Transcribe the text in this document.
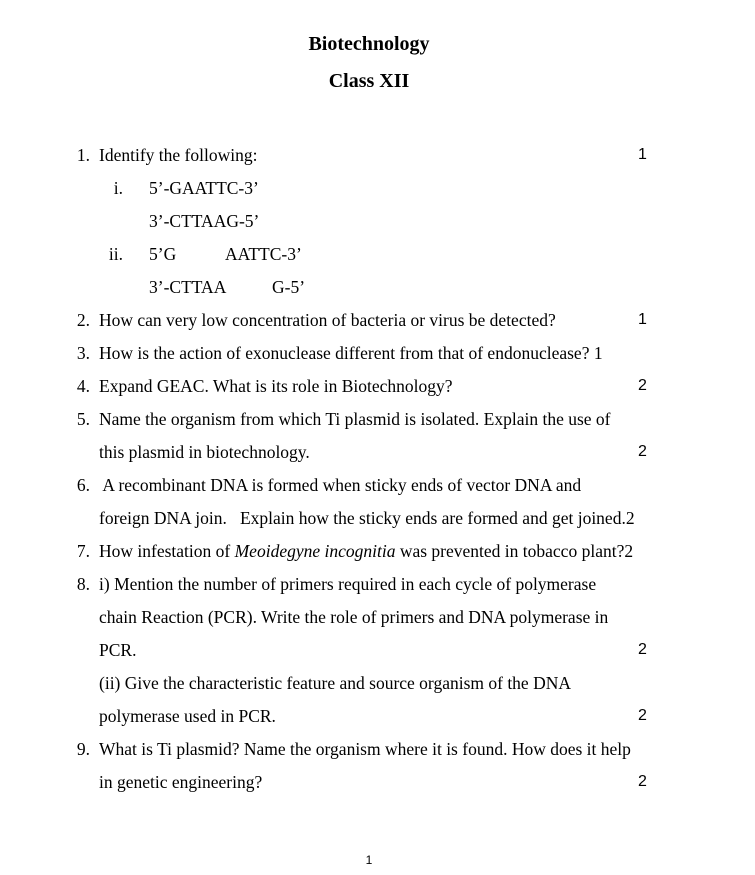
Biotechnology
Class XII
1. Identify the following:	1
i. 5’-GAATTC-3’
3’-CTTAAG-5’
ii. 5’G	AATTC-3’
3’-CTTAA	G-5’
2. How can very low concentration of bacteria or virus be detected?	1
3. How is the action of exonuclease different from that of endonuclease? 1
4. Expand GEAC. What is its role in Biotechnology?	2
5. Name the organism from which Ti plasmid is isolated. Explain the use of
this plasmid in biotechnology.	2
6. A recombinant DNA is formed when sticky ends of vector DNA and
foreign DNA join.   Explain how the sticky ends are formed and get joined.2
7. How infestation of Meoidegyne incognitia was prevented in tobacco plant?2
8. i) Mention the number of primers required in each cycle of polymerase
chain Reaction (PCR). Write the role of primers and DNA polymerase in
PCR.	2
(ii) Give the characteristic feature and source organism of the DNA
polymerase used in PCR.	2
9. What is Ti plasmid? Name the organism where it is found. How does it help
in genetic engineering?	2
1
